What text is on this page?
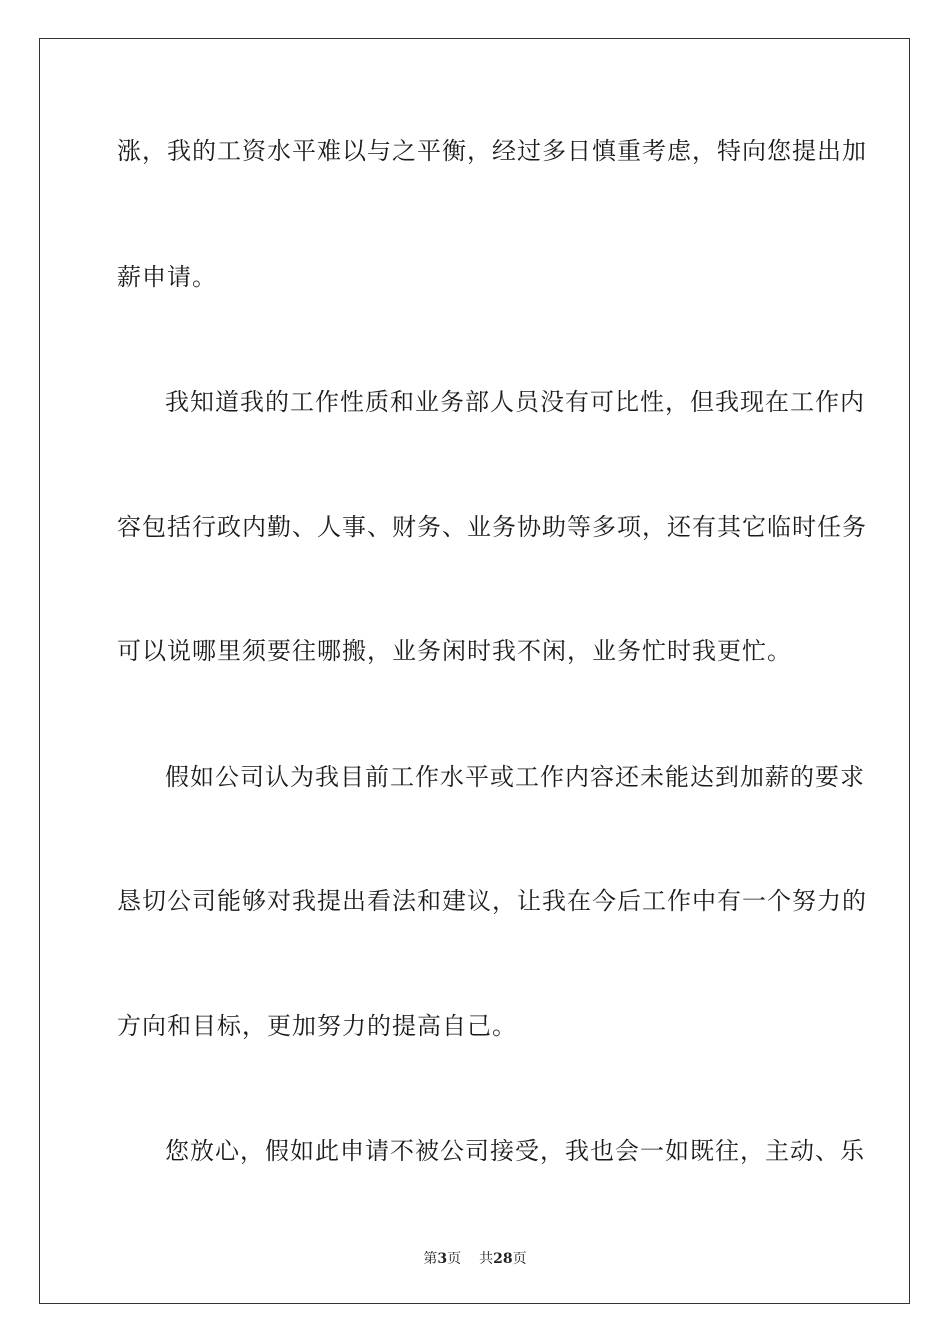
涨，我的工资水平难以与之平衡，经过多日慎重考虑，特向您提出加
薪申请。
我知道我的工作性质和业务部人员没有可比性，但我现在工作内
容包括行政内勤、人事、财务、业务协助等多项，还有其它临时任务
可以说哪里须要往哪搬，业务闲时我不闲，业务忙时我更忙。
假如公司认为我目前工作水平或工作内容还未能达到加薪的要求
恳切公司能够对我提出看法和建议，让我在今后工作中有一个努力的
方向和目标，更加努力的提高自己。
您放心，假如此申请不被公司接受，我也会一如既往，主动、乐
第3页 共28页
